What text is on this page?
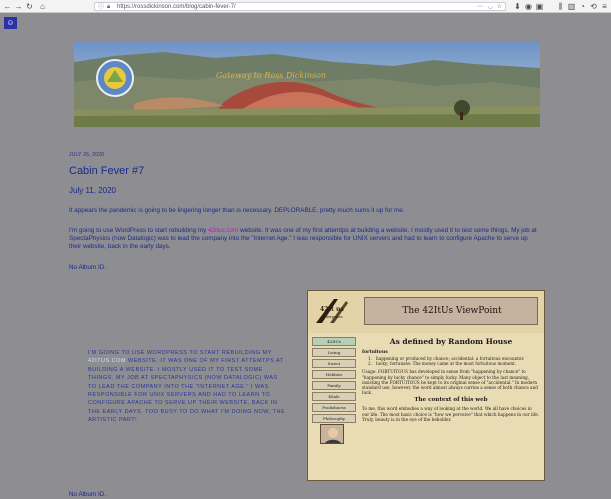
← → ↻ ⌂	ⓘ 🔒︎ https://rossdickinson.com/blog/cabin-fever-7/	⋯ ◡ ☆ ⬇ ◉ ▣	⫼ ▥ ◔ ⟲ ≡
☺
Gateway to Ross Dickinson
JULY 26, 2020
Cabin Fever #7
July 11, 2020

It appears the pandemic is going to be lingering longer than is necessary. DEPLORABLE, pretty much sums it up for me.

I'm going to use WordPress to start rebuilding my 42itus.com website. It was one of my first attemtps at building a website. I mostly used it to test some things. My job at SpectaPhysics (now Datalogic) was to lead the company into the "Internet Age." I was responsible for UNIX servers and had to learn to configure Apache to serve up their website, back in the early days.

No Album ID.

I'M GOING TO USE WORDPRESS TO START REBUILDING MY 42ITUS.COM WEBSITE. IT WAS ONE OF MY FIRST ATTEMTPS AT BUILDING A WEBSITE. I MOSTLY USED IT TO TEST SOME THINGS. MY JOB AT SPECTAPHYSICS (NOW DATALOGIC) WAS TO LEAD THE COMPANY INTO THE "INTERNET AGE." I WAS RESPONSIBLE FOR UNIX SERVERS AND HAD TO LEARN TO CONFIGURE APACHE TO SERVE UP THEIR WEBSITE, BACK IN THE EARLY DAYS. TOO BUSY TO DO WHAT I'M DOING NOW, THE ARTISTIC PART!

42It us
Enterprises
The 42ItUs ViewPoint
42ItUs
Living
Sweet
Hobbies
Family
4Sale
Foolishness
Philosophy
As defined by Random House
fortuitous
1. happening or produced by chance; accidental: a fortuitous encounter.
2. lucky; fortunate: The money came at the most fortuitous moment.
Usage. FORTUITOUS has developed in sense from "happening by chance" to "happening by lucky chance" to simply lucky. Many object to the last meaning, insisting the FORTUITOUS be kept to its original sense of "accidental." In modern standard use, however, the word almost always carries a sense of both chance and luck.
The context of this web
To me, this word embodies a way of looking at the world. We all have choices in our life. The most basic choice is "how we perceive" that which happens in our life. Truly, beauty is in the eye of the beholder.
No Album ID.
